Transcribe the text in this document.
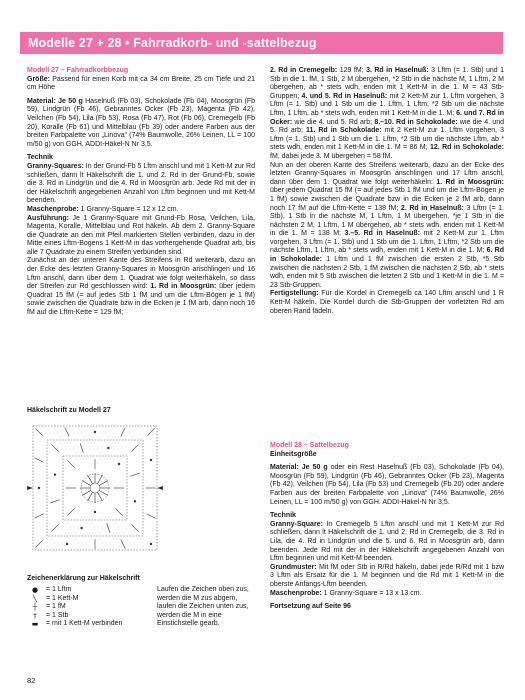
Modelle 27 + 28 • Fahrradkorb- und -sattelbezug

Modell 27 – Fahrradkorbbezug

Größe: Passend für einen Korb mit ca 34 cm Breite, 25 cm Tiefe und 21 cm Höhe

Material: Je 50 g Haselnuß (Fb 03), Schokolade (Fb 04), Moosgrün (Fb 59), Lindgrün (Fb 46), Gebranntes Ocker (Fb 23), Magenta (Fb 42), Veilchen (Fb 54), Lila (Fb 53), Rosa (Fb 47), Rot (Fb 06), Cremegelb (Fb 20), Koralle (Fb 61) und Mittelblau (Fb 39) oder andere Farben aus der breiten Farbpalette von „Linova“ (74% Baumwolle, 26% Leinen, LL = 100 m/50 g) von GGH. ADDI-Häkel-N Nr 3,5.

Technik

Granny-Squares: In der Grund-Fb 5 Lftm anschl und mit 1 Kett-M zur Rd schließen, dann lt Häkelschrift die 1. und 2. Rd in der Grund-Fb, sowie die 3. Rd in Lindgrün und die 4. Rd in Moosgrün arb. Jede Rd mit der in der Häkelschrift angegebenen Anzahl von Lftm beginnen und mit Kett-M beenden.

Maschenprobe: 1 Granny-Square = 12 x 12 cm.

Ausführung: Je 1 Granny-Square mit Grund-Fb Rosa, Veilchen, Lila, Magenta, Koralle, Mittelblau und Rot häkeln. Ab dem 2. Granny-Square die Quadrate an den mit Pfeil markierten Stellen verbinden, dazu in der Mitte eines Lftm-Bogens 1 Kett-M in das vorhergehende Quadrat arb, bis alle 7 Quadrate zu einem Streifen verbunden sind.

Zunächst an der unteren Kante des Streifens in Rd weiterarb, dazu an der Ecke des letzten Granny-Squares in Moosgrün anschlingen und 16 Lftm anschl, dann über dem 1. Quadrat wie folgt weiterhäkeln, so dass der Streifen zur Rd geschlossen wird: 1. Rd in Moosgrün: über jedem Quadrat 15 fM (= auf jedes Stb 1 fM und um die Lftm-Bögen je 1 fM) sowie zwischen die Quadrate bzw in die Ecken je 1 fM arb, dann noch 16 fM auf die Lftm-Kette = 129 fM;

2. Rd in Cremegelb: 129 fM; 3. Rd in Haselnuß: 3 Lftm (= 1. Stb) und 1 Stb in die 1. fM, 1 Stb, 2 M übergehen, *2 Stb in die nächste M, 1 Lftm, 2 M übergehen, ab * stets wdh, enden mit 1 Kett-M in die 1. M = 43 Stb-Gruppen; 4. und 5. Rd in Haselnuß: mit 2 Kett-M zur 1. Lftm vorgehen, 3 Lftm (= 1. Stb) und 1 Stb um die 1. Lftm, 1 Lftm, *2 Stb um die nächste Lftm, 1 Lftm, ab * stets wdh, enden mit 1 Kett-M in die 1. M; 6. und 7. Rd in Ocker: wie die 4. und 5. Rd arb; 8.–10. Rd in Schokolade: wie die 4. und 5. Rd arb; 11. Rd in Schokolade: mit 2 Kett-M zur 1. Lftm vorgehen, 3 Lftm (= 1. Stb) und 1 Stb um die 1. Lftm, *2 Stb um die nächste Lftm, ab * stets wdh, enden mit 1 Kett-M in die 1. M = 86 M; 12. Rd in Schokolade: fM, dabei jede 3. M übergehen = 58 fM.

Nun an der oberen Kante des Streifens weiterarb, dazu an der Ecke des letzten Granny-Squares in Moosgrün anschlingen und 17 Lftm anschl, dann über dem 1. Quadrat wie folgt weiterhäkeln: 1. Rd in Moosgrün: über jedem Quadrat 15 fM (= auf jedes Stb 1 fM und um die Lftm-Bögen je 1 fM) sowie zwischen die Quadrate bzw in die Ecken je 2 fM arb, dann noch 17 fM auf die Lftm-Kette = 138 fM; 2. Rd in Haselnuß: 3 Lftm (= 1. Stb), 1 Stb in die nächste M, 1 Lftm, 1 M übergehen, *je 1 Stb in die nächsten 2 M, 1 Lftm, 1 M übergehen, ab * stets wdh, enden mit 1 Kett-M in die 1. M = 138 M; 3.–5. Rd in Haselnuß: mit 2 Kett-M zur 1. Lftm vorgehen, 3 Lftm (= 1. Stb) und 1 Stb um die 1. Lftm, 1 Lftm, *2 Stb um die nächste Lftm, 1 Lftm, ab * stets wdh, enden mit 1 Kett-M in die 1. M; 6. Rd in Schokolade: 1 Lftm und 1 fM zwischen die ersten 2 Stb, *5 Stb zwischen die nächsten 2 Stb, 1 fM zwischen die nächsten 2 Stb, ab * stets wdh, enden mit 5 Stb zwischen die letzten 2 Stb und 1 Kett-M in die 1. M = 23 Stb-Gruppen.

Fertigstellung: Für die Kordel in Cremegelb ca 140 Lftm anschl und 1 R Kett-M häkeln. Die Kordel durch die Stb-Gruppen der vorletzten Rd am oberen Rand fädeln.

Häkelschrift zu Modell 27
Zeichenerklärung zur Häkelschrift
●	= 1 Lftm
╲	= 1 Kett-M
┼	= 1 fM
†	= 1 Stb
▬	= mit 1 Kett-M verbinden
Laufen die Zeichen oben zus, werden die M zus abgem, laufen die Zeichen unten zus, werden die M in eine Einstichstelle gearb.

Modell 28 – Sattelbezug

Einheitsgröße

Material: Je 50 g oder ein Rest Haselnuß (Fb 03), Schokolade (Fb 04), Moosgrün (Fb 59), Lindgrün (Fb 46), Gebranntes Ocker (Fb 23), Magenta (Fb 42), Veilchen (Fb 54), Lila (Fb 53) und Cremegelb (Fb 20) oder andere Farben aus der breiten Farbpalette von „Linova“ (74% Baumwolle, 26% Leinen, LL = 100 m/50 g) von GGH. ADDI-Häkel-N Nr 3,5.

Technik

Granny-Square: In Cremegelb 5 Lftm anschl und mit 1 Kett-M zur Rd schließen, dann lt Häkelschrift die 1. und 2. Rd in Cremegelb, die 3. Rd in Lila, die 4. Rd in Lindgrün und die 5. und 6. Rd in Moosgrün arb, dann beenden. Jede Rd mit der in der Häkelschrift angegebenen Anzahl von Lftm beginnen und mit Kett-M beenden.

Grundmuster: Mit fM oder Stb in R/Rd häkeln, dabei jede R/Rd mit 1 bzw 3 Lftm als Ersatz für die 1. M beginnen und die Rd mit 1 Kett-M in die oberste Anfangs-Lftm beenden.

Maschenprobe: 1 Granny-Square = 13 x 13 cm.

Fortsetzung auf Seite 96

82
